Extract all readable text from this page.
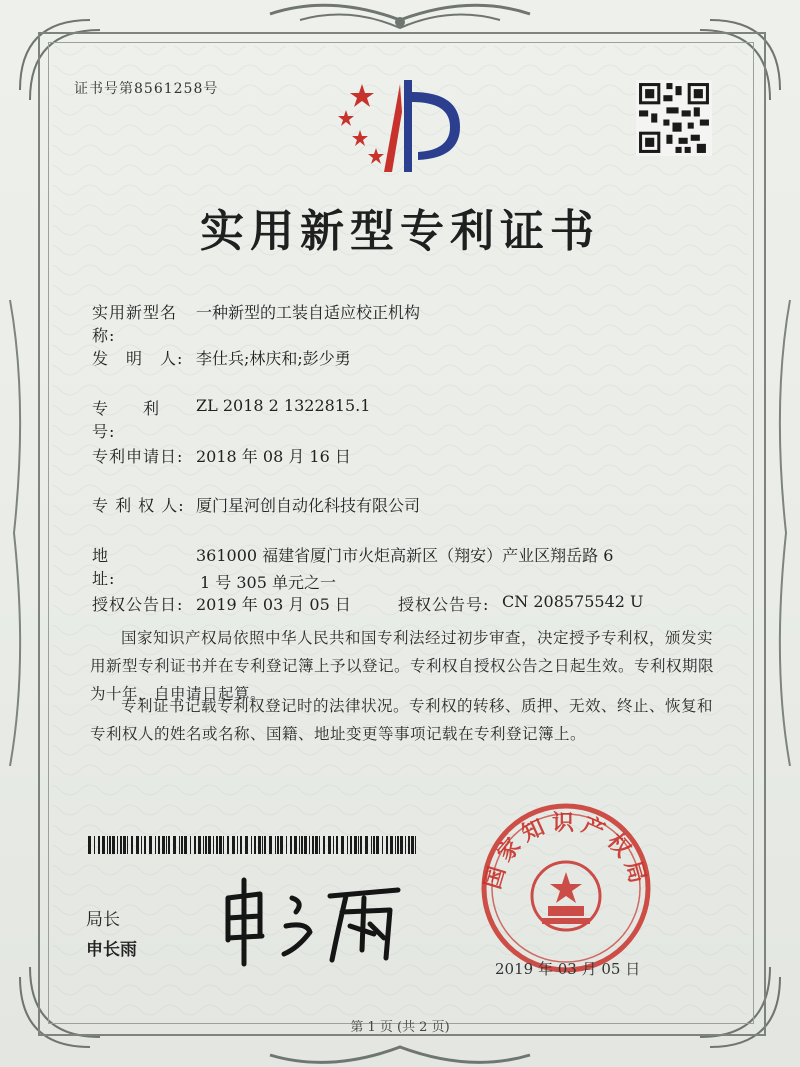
证书号第8561258号
实用新型专利证书
实用新型名称:
一种新型的工装自适应校正机构
发　明　人: 李仕兵;林庆和;彭少勇
专　　利　号:
ZL 2018 2 1322815.1
专利申请日: 2018 年 08 月 16 日
专 利 权 人: 厦门星河创自动化科技有限公司
地　　　　址:
361000 福建省厦门市火炬高新区（翔安）产业区翔岳路 6
1 号 305 单元之一
授权公告日: 2019 年 03 月 05 日	授权公告号: CN 208575542 U
国家知识产权局依照中华人民共和国专利法经过初步审查，决定授予专利权，颁发实用新型专利证书并在专利登记簿上予以登记。专利权自授权公告之日起生效。专利权期限为十年，自申请日起算。
专利证书记载专利权登记时的法律状况。专利权的转移、质押、无效、终止、恢复和专利权人的姓名或名称、国籍、地址变更等事项记载在专利登记簿上。
局长
申长雨
国家知识产权局
2019 年 03 月 05 日
第 1 页 (共 2 页)
